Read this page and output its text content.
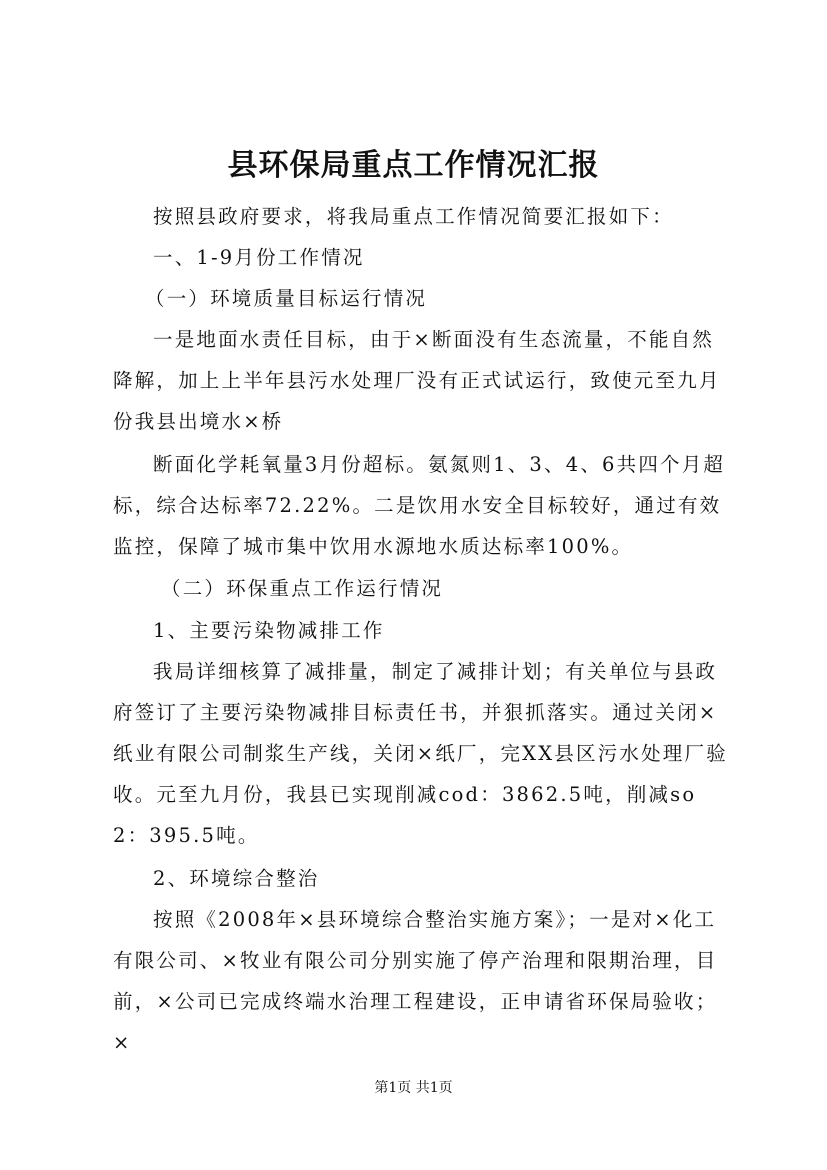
县环保局重点工作情况汇报
按照县政府要求，将我局重点工作情况简要汇报如下：
一、1-9月份工作情况
（一）环境质量目标运行情况
一是地面水责任目标，由于×断面没有生态流量，不能自然降解，加上上半年县污水处理厂没有正式试运行，致使元至九月份我县出境水×桥
断面化学耗氧量3月份超标。氨氮则1、3、4、6共四个月超标，综合达标率72.22%。二是饮用水安全目标较好，通过有效监控，保障了城市集中饮用水源地水质达标率100%。
（二）环保重点工作运行情况
1、主要污染物减排工作
我局详细核算了减排量，制定了减排计划；有关单位与县政府签订了主要污染物减排目标责任书，并狠抓落实。通过关闭×纸业有限公司制浆生产线，关闭×纸厂，完XX县区污水处理厂验收。元至九月份，我县已实现削减cod：3862.5吨，削减so2：395.5吨。
2、环境综合整治
按照《2008年×县环境综合整治实施方案》；一是对×化工有限公司、×牧业有限公司分别实施了停产治理和限期治理，目前，×公司已完成终端水治理工程建设，正申请省环保局验收；×
第1页 共1页
